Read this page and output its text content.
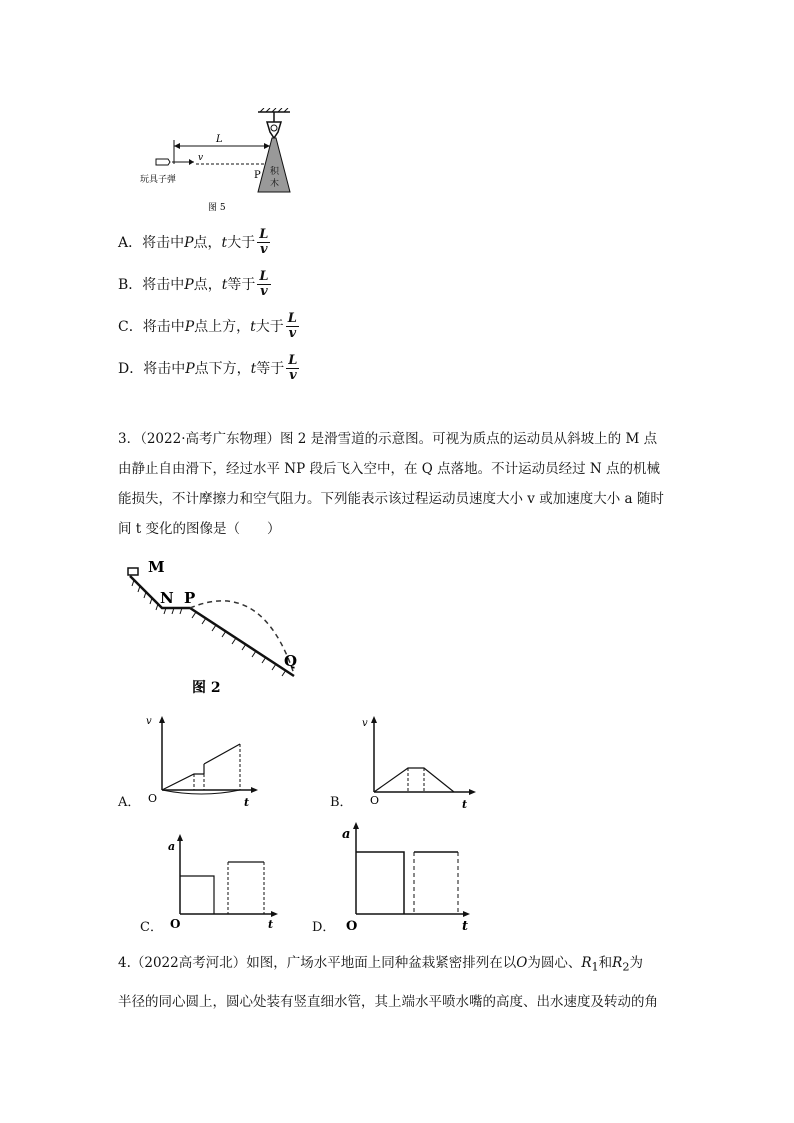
积
木
L
v
P
玩具子弹
图 5
A． 将击中 P 点， t 大于 $\frac{L}{v}$
B． 将击中 P 点， t 等于 $\frac{L}{v}$
C． 将击中 P 点上方， t 大于 $\frac{L}{v}$
D． 将击中 P 点下方， t 等于 $\frac{L}{v}$
3．（2022·高考广东物理）图 2 是滑雪道的示意图。可视为质点的运动员从斜坡上的 M 点
由静止自由滑下，经过水平 NP 段后飞入空中，在 Q 点落地。不计运动员经过 N 点的机械
能损失，不计摩擦力和空气阻力。下列能表示该过程运动员速度大小 v 或加速度大小 a 随时
间 t 变化的图像是（　　）
M
N P
Q
图 2
A．
v
O	t	B．
v
O	t
C．
a
O	t	D．
a
O	t
4.（2022高考河北）如图，广场水平地面上同种盆栽紧密排列在以O为圆心、$R_1$和$R_2$为
半径的同心圆上，圆心处装有竖直细水管，其上端水平喷水嘴的高度、出水速度及转动的角
